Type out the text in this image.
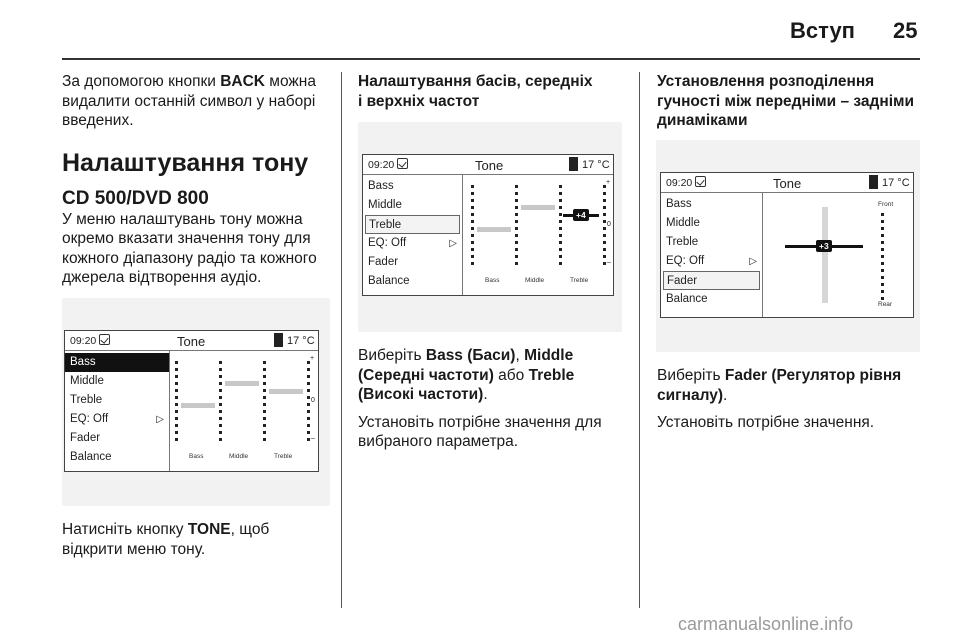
Вступ 25

За допомогою кнопки BACK можна видалити останній символ у наборі введених.

Налаштування тону
CD 500/DVD 800

У меню налаштувань тону можна окремо вказати значення тону для кожного діапазону радіо та кожного джерела відтворення аудіо.

09:20	Tone	17 °C
Bass
Middle
Treble
EQ: Off	▷
Fader
Balance
+
0
–
Bass	Middle	Treble

Натисніть кнопку TONE, щоб відкрити меню тону.

Налаштування басів, середніх
і верхніх частот
09:20	Tone	17 °C
Bass
Middle
Treble
EQ: Off	▷
Fader
Balance
+4
+
0
–
Bass	Middle	Treble

Виберіть Bass (Баси), Middle (Середні частоти) або Treble (Високі частоти).

Установіть потрібне значення для вибраного параметра.

Установлення розподілення
гучності між передніми – задніми
динаміками
09:20	Tone	17 °C
Bass
Middle
Treble
EQ: Off	▷
Fader
Balance
+3
Front
Rear

Виберіть Fader (Регулятор рівня сигналу).

Установіть потрібне значення.

carmanualsonline.info
